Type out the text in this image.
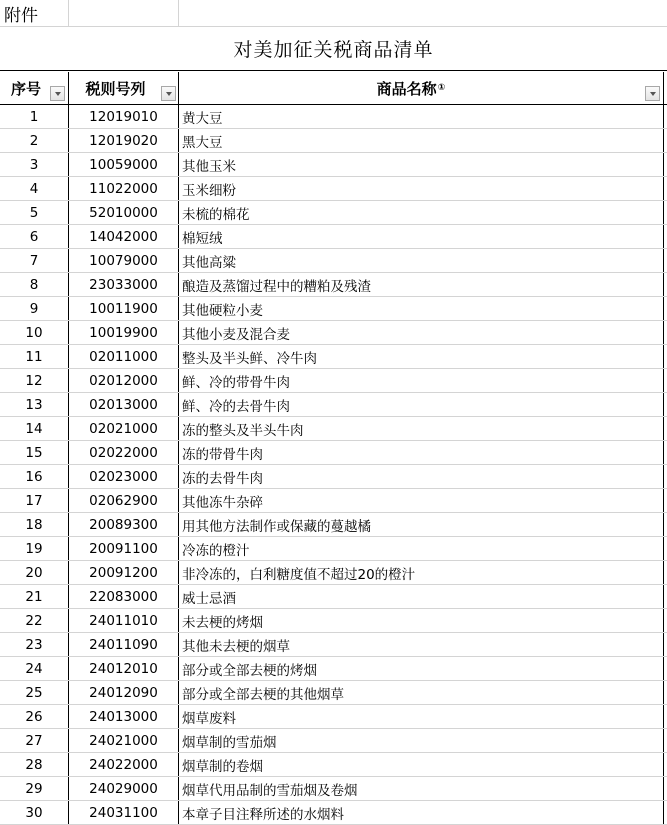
附件
对美加征关税商品清单
序号	税则号列	商品名称 ①
1	12019010	黄大豆
2	12019020	黑大豆
3	10059000	其他玉米
4	11022000	玉米细粉
5	52010000	未梳的棉花
6	14042000	棉短绒
7	10079000	其他高粱
8	23033000	酿造及蒸馏过程中的糟粕及残渣
9	10011900	其他硬粒小麦
10	10019900	其他小麦及混合麦
11	02011000	整头及半头鲜、冷牛肉
12	02012000	鲜、冷的带骨牛肉
13	02013000	鲜、冷的去骨牛肉
14	02021000	冻的整头及半头牛肉
15	02022000	冻的带骨牛肉
16	02023000	冻的去骨牛肉
17	02062900	其他冻牛杂碎
18	20089300	用其他方法制作或保藏的蔓越橘
19	20091100	冷冻的橙汁
20	20091200	非冷冻的，白利糖度值不超过20的橙汁
21	22083000	威士忌酒
22	24011010	未去梗的烤烟
23	24011090	其他未去梗的烟草
24	24012010	部分或全部去梗的烤烟
25	24012090	部分或全部去梗的其他烟草
26	24013000	烟草废料
27	24021000	烟草制的雪茄烟
28	24022000	烟草制的卷烟
29	24029000	烟草代用品制的雪茄烟及卷烟
30	24031100	本章子目注释所述的水烟料
